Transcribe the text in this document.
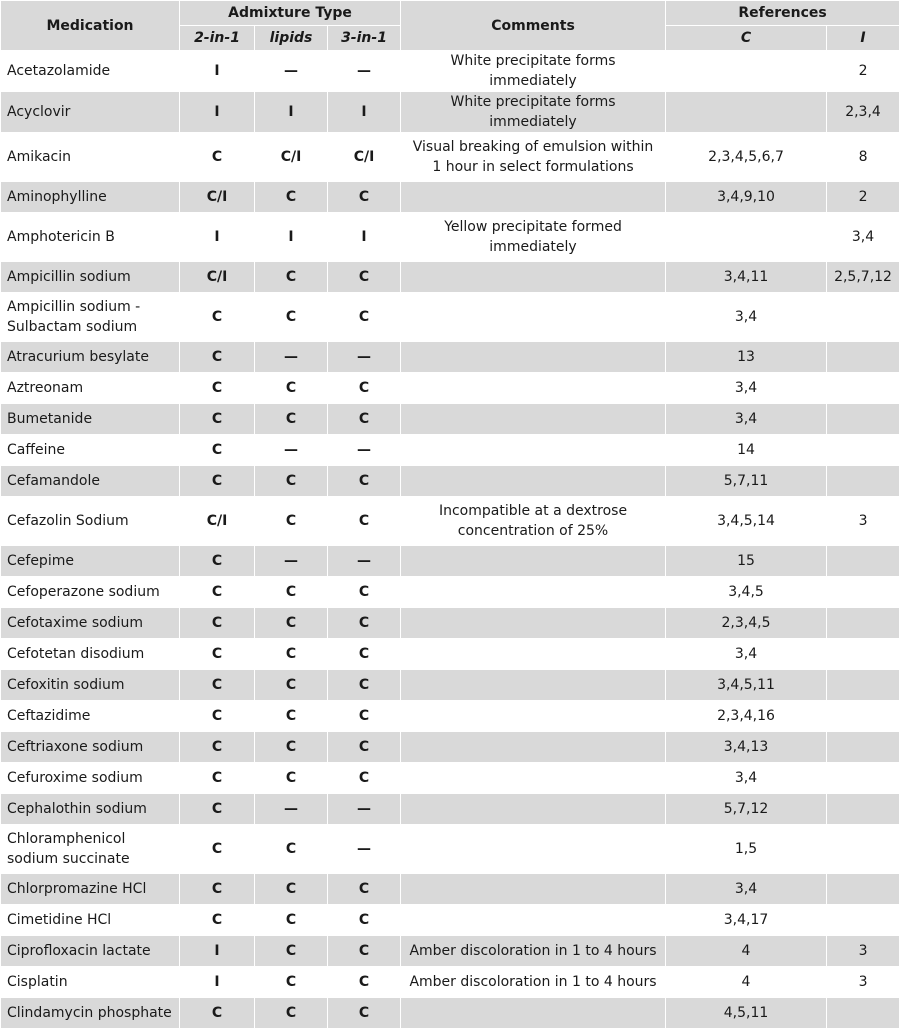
Medication	Admixture Type			Comments	References	
	2-in-1	lipids	3-in-1		C	I
Acetazolamide	I	—	—	White precipitate forms immediately		2
Acyclovir	I	I	I	White precipitate forms immediately		2,3,4
Amikacin	C	C/I	C/I	Visual breaking of emulsion within 1 hour in select formulations	2,3,4,5,6,7	8
Aminophylline	C/I	C	C		3,4,9,10	2
Amphotericin B	I	I	I	Yellow precipitate formed immediately		3,4
Ampicillin sodium	C/I	C	C		3,4,11	2,5,7,12
Ampicillin sodium - Sulbactam sodium	C	C	C		3,4	
Atracurium besylate	C	—	—		13	
Aztreonam	C	C	C		3,4	
Bumetanide	C	C	C		3,4	
Caffeine	C	—	—		14	
Cefamandole	C	C	C		5,7,11	
Cefazolin Sodium	C/I	C	C	Incompatible at a dextrose concentration of 25%	3,4,5,14	3
Cefepime	C	—	—		15	
Cefoperazone sodium	C	C	C		3,4,5	
Cefotaxime sodium	C	C	C		2,3,4,5	
Cefotetan disodium	C	C	C		3,4	
Cefoxitin sodium	C	C	C		3,4,5,11	
Ceftazidime	C	C	C		2,3,4,16	
Ceftriaxone sodium	C	C	C		3,4,13	
Cefuroxime sodium	C	C	C		3,4	
Cephalothin sodium	C	—	—		5,7,12	
Chloramphenicol sodium succinate	C	C	—		1,5	
Chlorpromazine HCl	C	C	C		3,4	
Cimetidine HCl	C	C	C		3,4,17	
Ciprofloxacin lactate	I	C	C	Amber discoloration in 1 to 4 hours	4	3
Cisplatin	I	C	C	Amber discoloration in 1 to 4 hours	4	3
Clindamycin phosphate	C	C	C		4,5,11	
